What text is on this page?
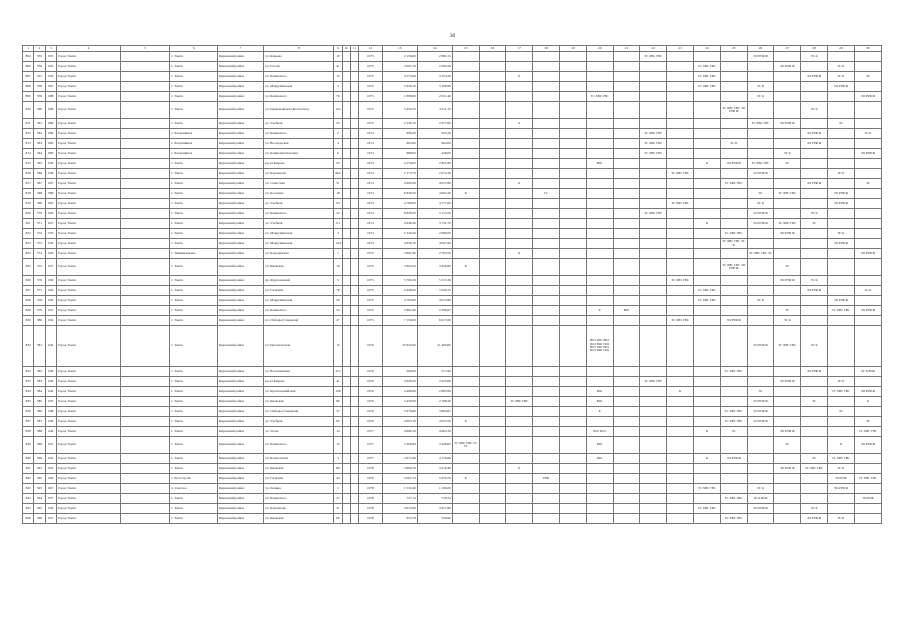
30
1	2	3	4	5	6	7	8	9	10	11	12	13	14	15	16	17	18	19	20	21	22	23	24	25	26	27	28	29	30
804	555	635	Город Томск		г. Томск	Кировский район	ул. Карьева	10			1975	2 156,60	2 882,15								ТС ХВС ГВС				ЭО РУФ Ф		ЭС К		
806	556	643	Город Томск		г. Томск	Кировский район	ул. Гоголя	41			1975	3 607,10	2 590,29										ТС ХВС ГВС			ЭО РУФ Ф		ЭС К	
807	557	636	Город Томск		г. Томск	Кировский район	ул. Белинского	15			1975	3 575,60	3 323,20			К							ТС ХВС ГВС				ЭО РУФ Ф	ЭС К	ЭС
808	558	697	Город Томск		г. Томск	Кировский район	ул. Мокрушинская	5			1975	5 926,10	3 108,99										ТС ХВС ГВС		ЭС К			ЭО РУФ Ф	
809	559	688	Город Томск		г. Томск	Кировский район	ул. Белинского	76			1975	1 888,00	2 031,40						ТС ХВС ГВС						ЭС К				ЭО РУФ Ф
810	560	699	Город Томск		г. Томск	Кировский район	ул. Первомайская (Бесплатно)	12а			1975	3 450,70	3 011,70											ТС ХВС ГВС ЭО РУФ Ф			ЭС К		
811	561	680	Город Томск		г. Томск	Кировский район	ул. Учебная	35			1975	2 230,10	2 677,60			К									ТС ХВС ГВС	ЭО РУФ Ф		ЭС	
812	562	684	Город Томск		г. Хахрашинск	Кировский район	ул. Белинского	2			1974	996,20	935,20								ТС ХВС ГВС						ЭО РУФ Ф		ЭС К
813	563	685	Город Томск		г. Хахрашинск	Кировский район	ул. Володарская	4			1974	663,90	664,00								ТС ХВС ГВС			ЭС К			ЭО РУФ Ф		
814	564	683	Город Томск		г. Хахрашинск	Кировский район	ул. Коммунистическая	6			1974	688,00	448,00								ТС ХВС ГВС					ЭС К			ЭО РУФ Ф
815	565	642	Город Томск		г. Томск	Кировский район	пр-кт Кирова	50			1974	4 276,00	2 601,80						ВП1				К	ЭО РУФ Ф	ТС ХВС ГВС	ЭС			
816	566	638	Город Томск		г. Томск	Кировский район	ул. Карташова	66а			1974	2 173,70	2 972,30									ТС ХВС ГВС			ЭО РУФ Ф			ЭС К	
817	567	697	Город Томск		г. Томск	Кировский район	ул. Советская	51			1974	4 900,50	4 057,80			К								ТС ХВС ГВС			ЭО РУФ Ф		ЭС
818	568	686	Город Томск		г. Томск	Кировский район	ул. Косарева	18			1974	6 836,50	4 063,20	К			ГС								ЭС	ТС ХВС ГВС		ЭО РУФ Ф	
819	569	691	Город Томск		г. Томск	Кировский район	ул. Учебная	3/3			1974	4 780,00	4 777,00									ТС ХВС ГВС			ЭС К			ЭО РУФ Ф	
820	570	620	Город Томск		г. Томск	Кировский район	ул. Белинского	52			1974	6 828,20	5 113,50								ТС ХВС ГВС				ЭО РУФ Ф		ЭС К		
821	571	627	Город Томск		г. Томск	Кировский район	ул. Учебная	3/1			1974	4 946,30	3 731,70										К		ЭО РУФ Ф	ТС ХВС ГВС	ЭС		
822	572	633	Город Томск		г. Томск	Кировский район	ул. Мокрушинская	3			1974	5 320,20	2 080,00											ТС ХВС ГВС		ЭО РУФ Ф		ЭС К	
823	573	634	Город Томск		г. Томск	Кировский район	ул. Мокрушинская	14/2			1974	4 850,10	4 097,90											ТС ХВС ГВС ЭС К				ЭО РУФ Ф	
824	574	626	Город Томск		г. Тимирязевское	Кировский район	ул. Бородинская	1			1975	3 861,90	2 763,50			К									ТС ХВС ГВС ЭС				ЭО РУФ Ф
825	575	627	Город Томск		г. Томск	Кировский район	ул. Киевская	19			1975	3 964,50	3 406,80	К										ТС ХВС ГВС ЭО РУФ Ф		ЭС			
826	576	630	Город Томск		г. Томск	Кировский район	пр. Фрунзенский	5			1975	5 769,16	5 515,36									ТС ХВС ГВС				ЭО РУФ Ф	ЭС К		
827	577	629	Город Томск		г. Томск	Кировский район	ул. Гагарина	79			1975	4 448,90	3 526,15										ТС ХВС ГВС				ЭО РУФ Ф		ЭС К
828	578	640	Город Томск		г. Томск	Кировский район	ул. Мокрушинская	20			1975	4 793,60	4 613,90										ТС ХВС ГВС		ЭС К			ЭО РУФ Ф	
829	579	631	Город Томск		г. Томск	Кировский район	ул. Белинского	54			1975	2 861,60	2 269,67						К	ВО1						ЭС		ТС ХВС ГВС	ЭО РУФ Ф
830	580	634	Город Томск		г. Томск	Кировский район	пл. Победы (Северная)	27			1975	7 150,00	6 017,60									ТС ХВС ГВС		ЭО РУФ Ф		ЭС К			
832	581	642	Город Томск		г. Томск	Кировский район	ул. Пролетарская	15			1976	23 632,00	21 460,00						ВО1 ПО1 ВО1 ПО1 ВО1 ПО1 ВО1 ПО1 ВО1 ПО1 ВО1 ПО1						ЭО РУФ Ф	ТС ХВС ГВС	ЭС К		
833	582	640	Город Томск		г. Томск	Кировский район	ул. Волочаевская	27а			1976	566,60	517,90											ТС ХВС ГВС			ЭО РУФ Ф		ЭС К ВОК
833	583	640	Город Томск		г. Томск	Кировский район	пр-кт Кирова	41			1976	4 926,20	3 323,80								ТС ХВС ГВС					ЭО РУФ Ф		ЭС К	
834	584	642	Город Томск		г. Томск	Кировский район	ул. Красноармейская	108			1976	4 468,90	2 885,99						ВО1			К			ЭС			ТС ХВС ГВС	ЭО РУФ Ф
835	585	647	Город Томск		г. Томск	Кировский район	ул. Киевская	80			1976	3 430,00	2 708,20			ТС ХВС ГВС			ВО1						ЭО РУФ Ф		ЭС		К
836	586	648	Город Томск		г. Томск	Кировский район	пл. Победы (Северная)	37			1976	5 976,60	3 804,81						К					ТС ХВС ГВС	ЭО РУФ Ф			ЭС	
837	587	649	Город Томск		г. Томск	Кировский район	ул. Учебная	65			1976	4 663,10	4 023,50	К										ТС ХВС ГВС	ЭО РУФ Ф				ЭС
838	588	644	Город Томск		г. Томск	Кировский район	ул. Усова	14			1977	4 880,10	4 604,10						ВО1 ПО1				К	ЭС		ЭО РУФ Ф			ТС ХВС ГВС
839	589	651	Город Томск		г. Томск	Кировский район	ул. Белинского	15			1977	3 396,84	3 428,00	ТС ХВС ГВС ТС ГУ					ВО1							ЭС		К	ЭО РУФ Ф
840	590	652	Город Томск		г. Томск	Кировский район	ул. Кочетовская	3			1977	3 871,89	4 179,90						ВО1				К	ЭО РУФ Ф			ЭС	ТС ХВС ГВС	
841	591	654	Город Томск		г. Томск	Кировский район	ул. Киевская	80			1978	3 860,76	3 219,40			К										ЭО РУФ Ф	ТС ХВС ГВС	ЭС К	
842	592	656	Город Томск		г. Лесостроек	Кировский район	ул. Гагарина	43			1979	4 061,53	5 976,70	К			РУФ											ЭО РУФ	ТС ХВС ГВС
843	593	667	Город Томск		п. Светлое	Кировский район	ул. Ленина	1			1978	1 531,60	1 199,00										ТС ХВС ГВС		ЭС К			ЭО РУФ Ф	
844	594	657	Город Томск		г. Томск	Кировский район	ул. Белинского	27			1978	737,14	718,74											ТС ХВС ГВС	ЭС К ВОК				ЭО РУФ
845	595	658	Город Томск		г. Томск	Кировский район	ул. Карташова	31			1978	3 615,90	3 617,90										ТС ХВС ГВС		ЭО РУФ Ф		ЭС К		
846	596	657	Город Томск		г. Томск	Кировский район	ул. Киевская	66			1978	953,78	556,90											ТС ХВС ГВС			ЭО РУФ Ф	ЭС К	
